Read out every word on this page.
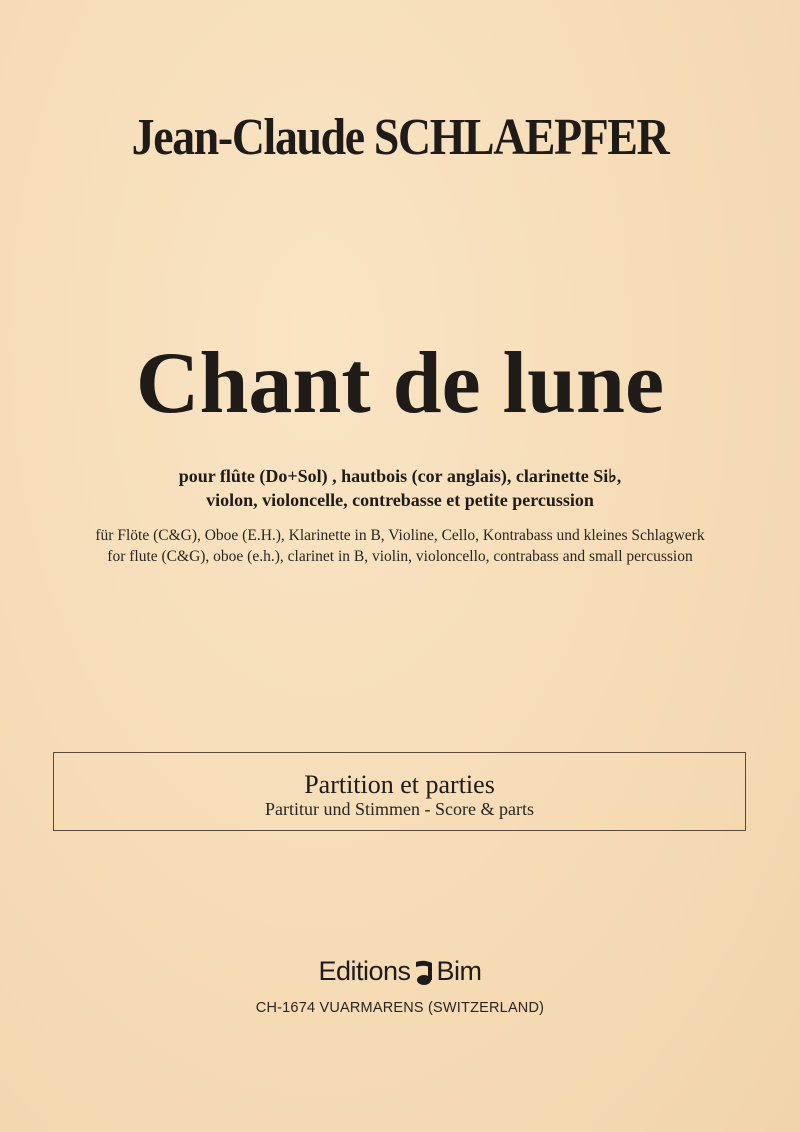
Jean-Claude SCHLAEPFER
Chant de lune
pour flûte (Do+Sol) , hautbois (cor anglais), clarinette Si♭,
violon, violoncelle, contrebasse et petite percussion
für Flöte (C&G), Oboe (E.H.), Klarinette in B, Violine, Cello, Kontrabass und kleines Schlagwerk
for flute (C&G), oboe (e.h.), clarinet in B, violin, violoncello, contrabass and small percussion
Partition et parties
Partitur und Stimmen - Score & parts
Editions Bim
CH-1674 VUARMARENS (SWITZERLAND)
